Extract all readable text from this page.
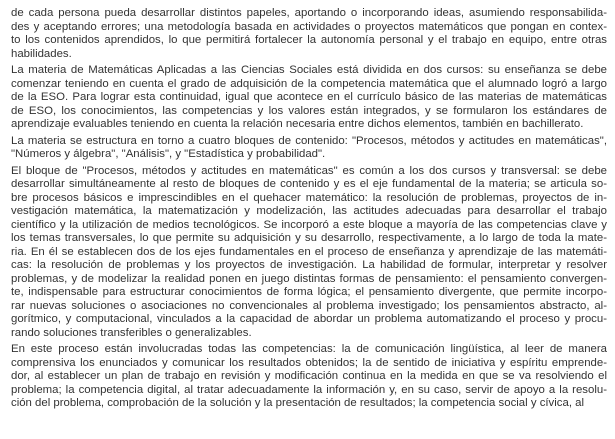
de cada persona pueda desarrollar distintos papeles, aportando o incorporando ideas, asumiendo responsabilida-
des y aceptando errores; una metodología basada en actividades o proyectos matemáticos que pongan en contex-
to los contenidos aprendidos, lo que permitirá fortalecer la autonomía personal y el trabajo en equipo, entre otras
habilidades.
La materia de Matemáticas Aplicadas a las Ciencias Sociales está dividida en dos cursos: su enseñanza se debe
comenzar teniendo en cuenta el grado de adquisición de la competencia matemática que el alumnado logró a largo
de la ESO. Para lograr esta continuidad, igual que acontece en el currículo básico de las materias de matemáticas
de ESO, los conocimientos, las competencias y los valores están integrados, y se formularon los estándares de
aprendizaje evaluables teniendo en cuenta la relación necesaria entre dichos elementos, también en bachillerato.
La materia se estructura en torno a cuatro bloques de contenido: "Procesos, métodos y actitudes en matemáticas",
"Números y álgebra", "Análisis", y "Estadística y probabilidad".
El bloque de "Procesos, métodos y actitudes en matemáticas" es común a los dos cursos y transversal: se debe
desarrollar simultáneamente al resto de bloques de contenido y es el eje fundamental de la materia; se articula so-
bre procesos básicos e imprescindibles en el quehacer matemático: la resolución de problemas, proyectos de in-
vestigación matemática, la matematización y modelización, las actitudes adecuadas para desarrollar el trabajo
científico y la utilización de medios tecnológicos. Se incorporó a este bloque a mayoría de las competencias clave y
los temas transversales, lo que permite su adquisición y su desarrollo, respectivamente, a lo largo de toda la mate-
ria. En él se establecen dos de los ejes fundamentales en el proceso de enseñanza y aprendizaje de las matemáti-
cas: la resolución de problemas y los proyectos de investigación. La habilidad de formular, interpretar y resolver
problemas, y de modelizar la realidad ponen en juego distintas formas de pensamiento: el pensamiento convergen-
te, indispensable para estructurar conocimientos de forma lógica; el pensamiento divergente, que permite incorpo-
rar nuevas soluciones o asociaciones no convencionales al problema investigado; los pensamientos abstracto, al-
gorítmico, y computacional, vinculados a la capacidad de abordar un problema automatizando el proceso y procu-
rando soluciones transferibles o generalizables.
En este proceso están involucradas todas las competencias: la de comunicación lingüística, al leer de manera
comprensiva los enunciados y comunicar los resultados obtenidos; la de sentido de iniciativa y espíritu emprende-
dor, al establecer un plan de trabajo en revisión y modificación continua en la medida en que se va resolviendo el
problema; la competencia digital, al tratar adecuadamente la información y, en su caso, servir de apoyo a la resolu-
ción del problema, comprobación de la solución y la presentación de resultados; la competencia social y cívica, al
